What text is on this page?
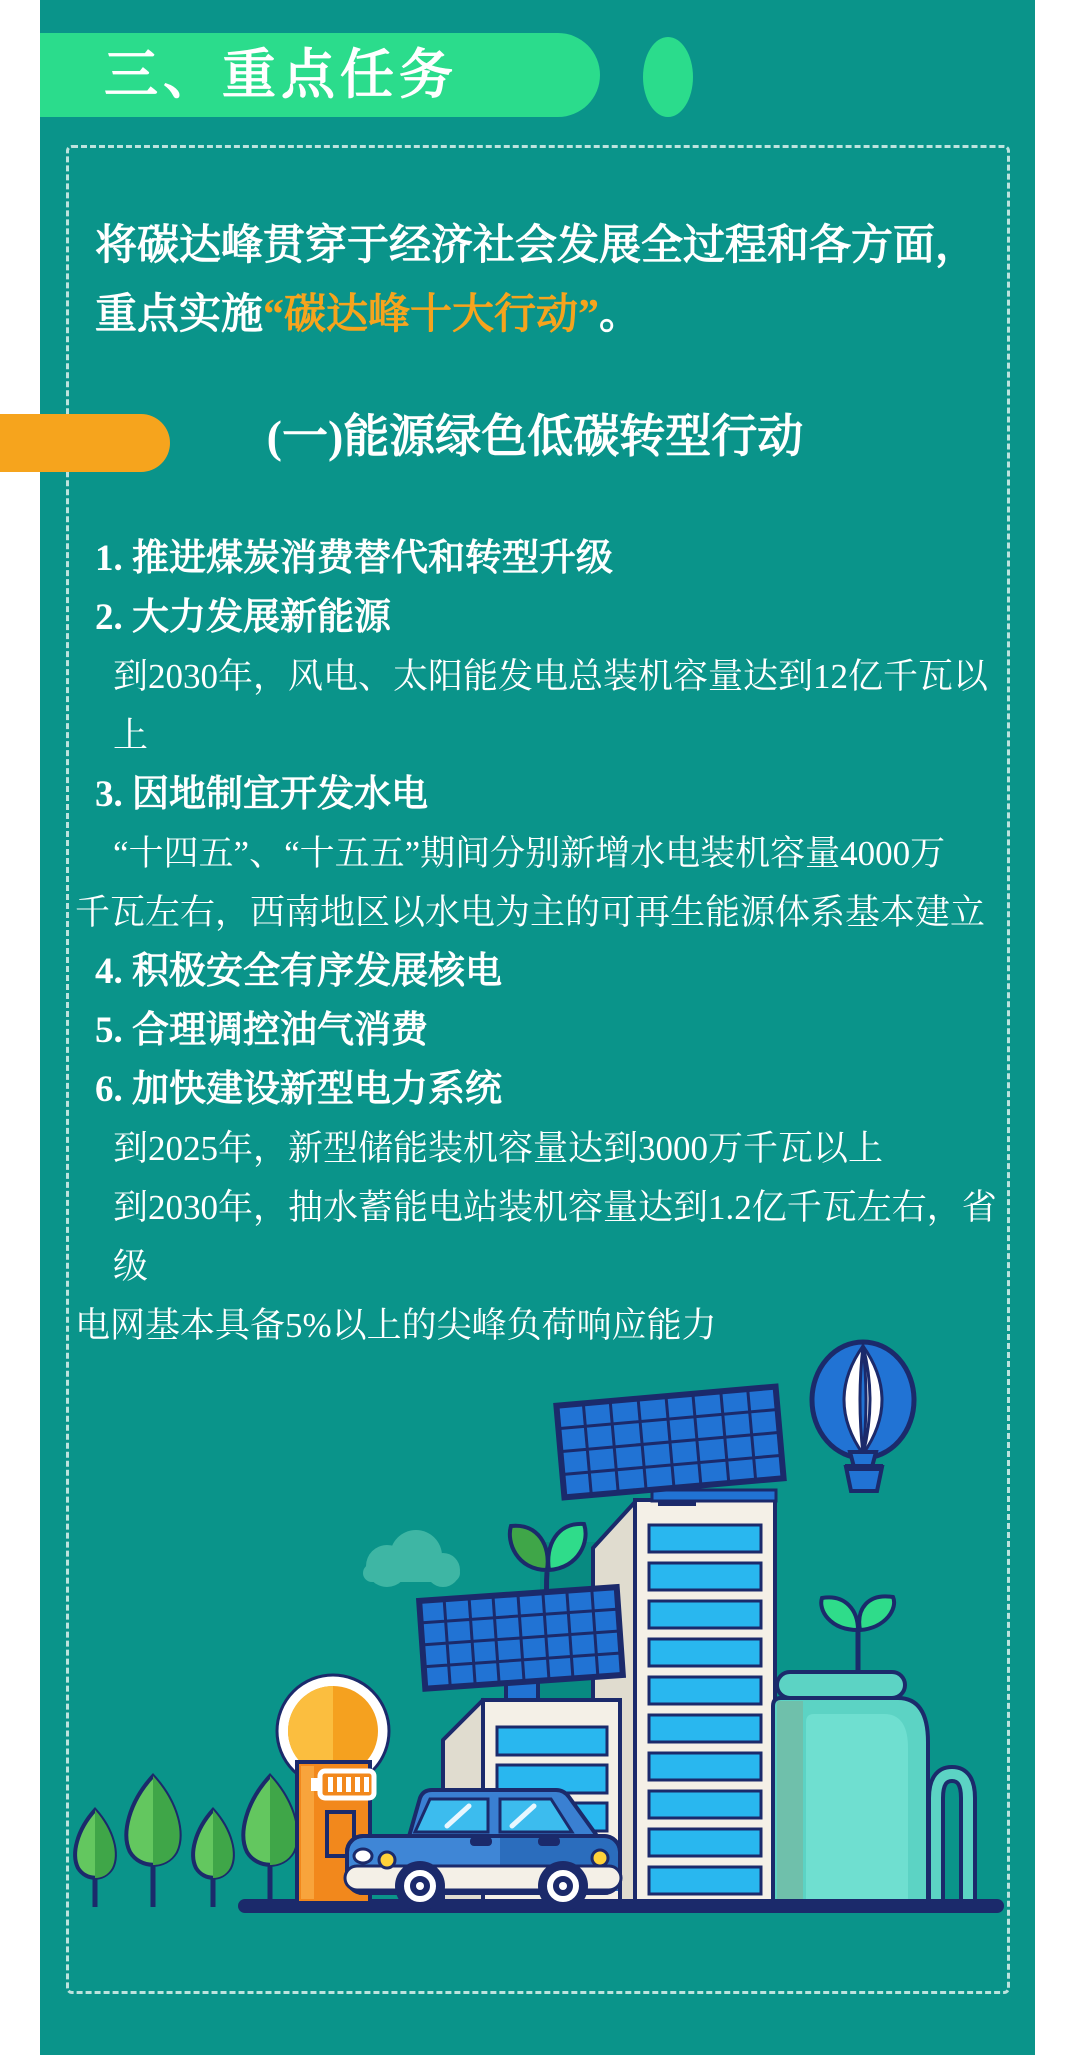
三、重点任务
将碳达峰贯穿于经济社会发展全过程和各方面，
重点实施“碳达峰十大行动”。
(一)能源绿色低碳转型行动
1. 推进煤炭消费替代和转型升级
2. 大力发展新能源
到2030年，风电、太阳能发电总装机容量达到12亿千瓦以上
3. 因地制宜开发水电
“十四五”、“十五五”期间分别新增水电装机容量4000万
千瓦左右，西南地区以水电为主的可再生能源体系基本建立
4. 积极安全有序发展核电
5. 合理调控油气消费
6. 加快建设新型电力系统
到2025年，新型储能装机容量达到3000万千瓦以上
到2030年，抽水蓄能电站装机容量达到1.2亿千瓦左右，省级
电网基本具备5%以上的尖峰负荷响应能力
